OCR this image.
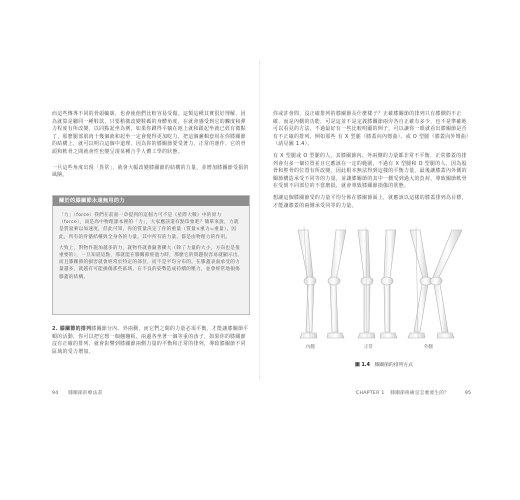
而這些傳導不同的骨頭輪廓，也會使他們比較容易受傷。這類這種其實很好理解，因為就算是腳同一種鞋款，只要稍微改變鞋碼的身體角度，在就會感受到它的觸度和彈力程度有所改變，以同點起坐為例，如果你蹲得平躺在地上就和跟起坐就已經有微點了，那麼腿部肌肉十幾個就和起坐一定會覺得更加吃力，把這個邏輯套用在你膝關節的結構上，就可以明白這個中道理。因為你的膝關節要受著力，正常的運作，它的骨頭和軟骨之間就會性也變呈現某種合乎人體工學的狀態。

一旦這些角度出現「異常」，就會大幅改變膝關節的結構的力量，並增加膝關節受損的風險。

關於的膝關節永遠無用的力

「力」（force）我們在前面一章提到的這個力可不是《星際大戰》中的原力（force），而是高中物理課本裡的「力」，大家應該還有點印象吧？簡單來說，力就是質量乘以加速度，但此可知，你的質量決定了你的重量（質量×重力=重量），因此，所有的骨骼結構與全身各的力量，其中所有的力量，都是由物理力的作用。

大致上，對物件施加越多的力，就物件就會隨著擴大（除了力量的大小，方向也是很重要的），一旦知道這點，那就能在膝關節經過力時，那麼它的問題很容易就顯示出，而且膝關節的損害就會經常於特定的部位，而不是平均分布的。在膝蓋表面承受的力量越多，就越有可能損傷那些區域，在不良的姿勢造成持續的壓力，並會經常地損傷膝蓋的結構。

2. 膝關節的排列膝關節分內、外兩側，而它們之間的力量必須平衡，才能讓膝關節平順的活動，你可以把它想一個翹翹板，兩邊各坐著一個等重的孩子，如果你的膝關節沒有正確的排列，就會影響到膝關節兩側力量的平衡和正常的排列，導致膝關節不同區域的受力增加。

94 膝關節的療法書

你或許會問，沒正確排列的膝關節長什麼樣子？正確膝關節的排列只有膝側的不正確，而是內側的功能，可是這並不是定義膝關節兩旁各自正確有多少，也不是準確地可以看見的方法，不過最好有一些比較明顯的例子，可以讓你一眼就看出膝關節是否有不正確的排列，例如那些 有 X 型腿（膝蓋向內彎曲）、或 O 型腿（膝蓋向外彎曲）（請見圖 1.4）。

有 X 型腿或 O 型腿的人，其膝關節內、外兩側的力量都非常不平衡，正常膝蓋的排列會有多一個位置並且它應該在一定的範圍，不過有 X 型腿和 O 型腿的人，因為股骨和脛骨的位置有所改變，因此根本無法得到這樣的平衡力量，最後讓膝蓋內外側的關節構造承受不同等的力量，並讓膝關節的其中一側受到過大的負荷，導致關節軟骨在受到不同部位的不當磨損，就會導致膝關節損傷的狀態。

想讓這個膝關節受的力量平均分佈在膝關節面上，就應該以這樣的膝蓋排列為目標，才能讓膝蓋的兩側承受同等的力量。

內翻	正常	外翻
圖 1.4 膝關節的排列方式
CHAPTER 1 膝關節疼痛是怎麼發生的？	95
